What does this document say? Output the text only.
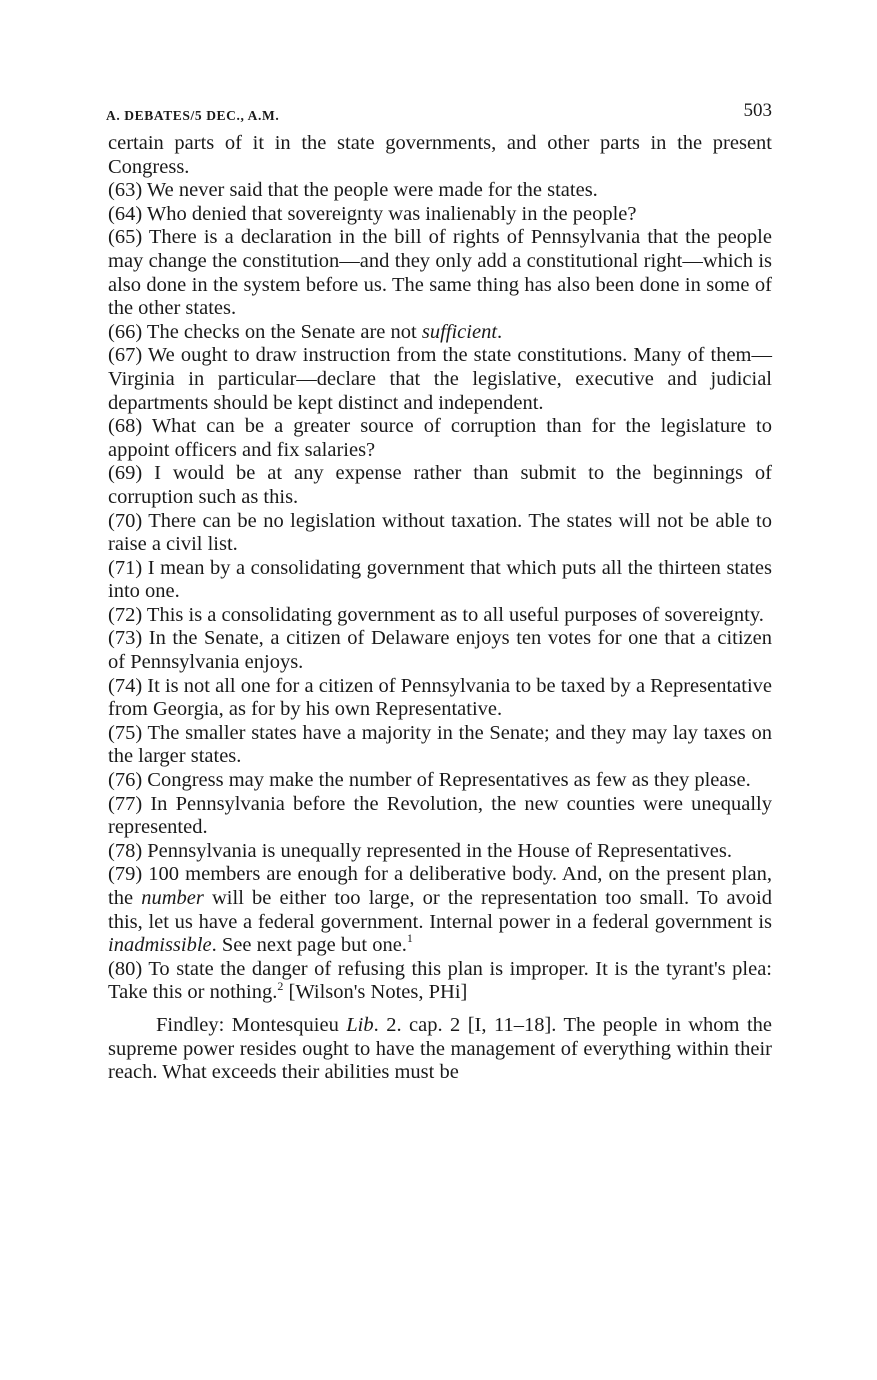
A. DEBATES/5 DEC., A.M.	503

certain parts of it in the state governments, and other parts in the present Congress.

(63) We never said that the people were made for the states.

(64) Who denied that sovereignty was inalienably in the people?

(65) There is a declaration in the bill of rights of Pennsylvania that the people may change the constitution—and they only add a constitutional right—which is also done in the system before us. The same thing has also been done in some of the other states.

(66) The checks on the Senate are not sufficient.

(67) We ought to draw instruction from the state constitutions. Many of them—Virginia in particular—declare that the legislative, executive and judicial departments should be kept distinct and independent.

(68) What can be a greater source of corruption than for the legislature to appoint officers and fix salaries?

(69) I would be at any expense rather than submit to the beginnings of corruption such as this.

(70) There can be no legislation without taxation. The states will not be able to raise a civil list.

(71) I mean by a consolidating government that which puts all the thirteen states into one.

(72) This is a consolidating government as to all useful purposes of sovereignty.

(73) In the Senate, a citizen of Delaware enjoys ten votes for one that a citizen of Pennsylvania enjoys.

(74) It is not all one for a citizen of Pennsylvania to be taxed by a Representative from Georgia, as for by his own Representative.

(75) The smaller states have a majority in the Senate; and they may lay taxes on the larger states.

(76) Congress may make the number of Representatives as few as they please.

(77) In Pennsylvania before the Revolution, the new counties were unequally represented.

(78) Pennsylvania is unequally represented in the House of Representatives.

(79) 100 members are enough for a deliberative body. And, on the present plan, the number will be either too large, or the representation too small. To avoid this, let us have a federal government. Internal power in a federal government is inadmissible. See next page but one.$^1$

(80) To state the danger of refusing this plan is improper. It is the tyrant's plea: Take this or nothing.$^2$ [Wilson's Notes, PHi]

Findley: Montesquieu Lib. 2. cap. 2 [I, 11–18]. The people in whom the supreme power resides ought to have the management of everything within their reach. What exceeds their abilities must be
